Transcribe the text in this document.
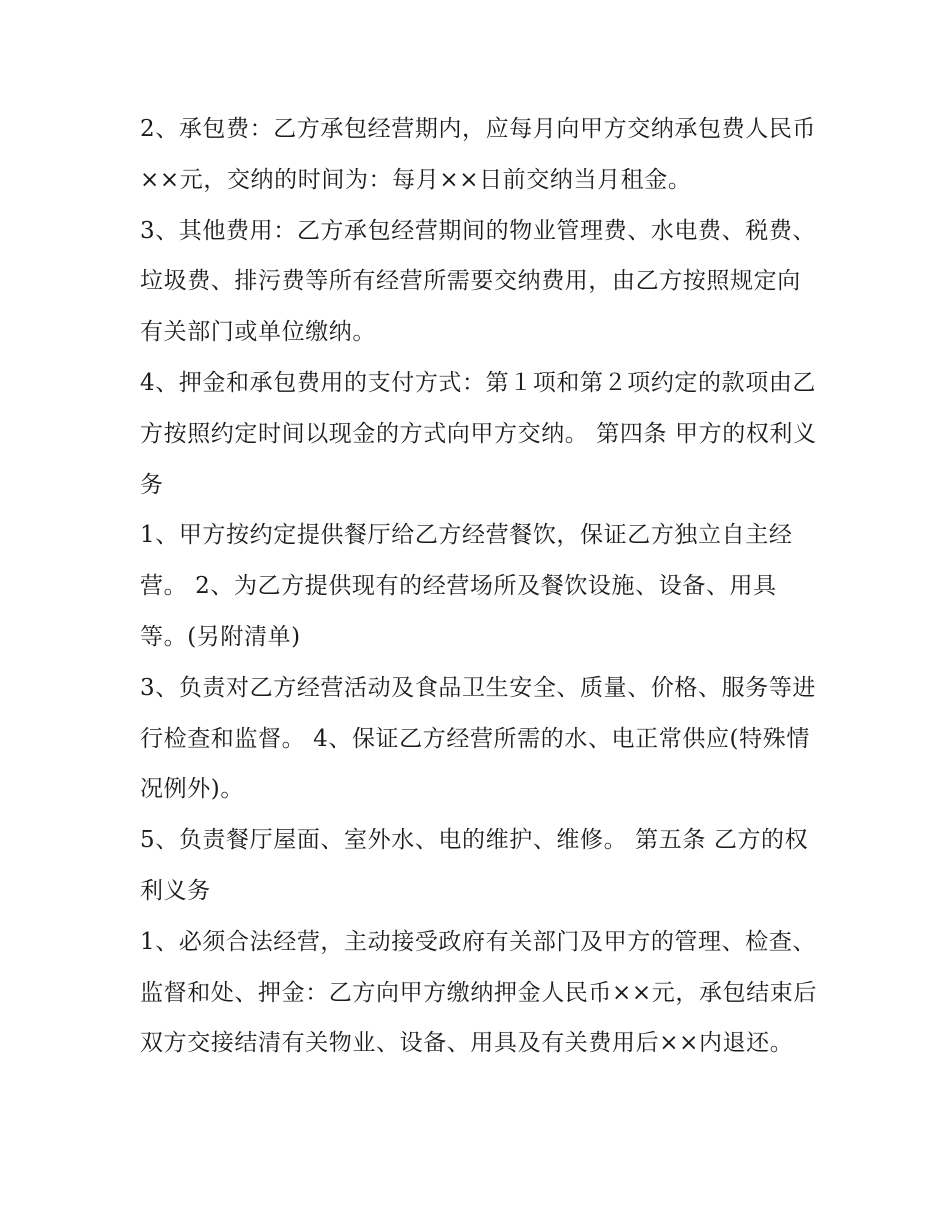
2、承包费：乙方承包经营期内，应每月向甲方交纳承包费人民币××元，交纳的时间为：每月××日前交纳当月租金。

3、其他费用：乙方承包经营期间的物业管理费、水电费、税费、垃圾费、排污费等所有经营所需要交纳费用，由乙方按照规定向有关部门或单位缴纳。

4、押金和承包费用的支付方式：第１项和第２项约定的款项由乙方按照约定时间以现金的方式向甲方交纳。 第四条 甲方的权利义务

1、甲方按约定提供餐厅给乙方经营餐饮，保证乙方独立自主经营。 2、为乙方提供现有的经营场所及餐饮设施、设备、用具等。(另附清单)

3、负责对乙方经营活动及食品卫生安全、质量、价格、服务等进行检查和监督。 4、保证乙方经营所需的水、电正常供应(特殊情况例外)。

5、负责餐厅屋面、室外水、电的维护、维修。 第五条 乙方的权利义务

1、必须合法经营，主动接受政府有关部门及甲方的管理、检查、监督和处、押金：乙方向甲方缴纳押金人民币××元，承包结束后双方交接结清有关物业、设备、用具及有关费用后××内退还。
